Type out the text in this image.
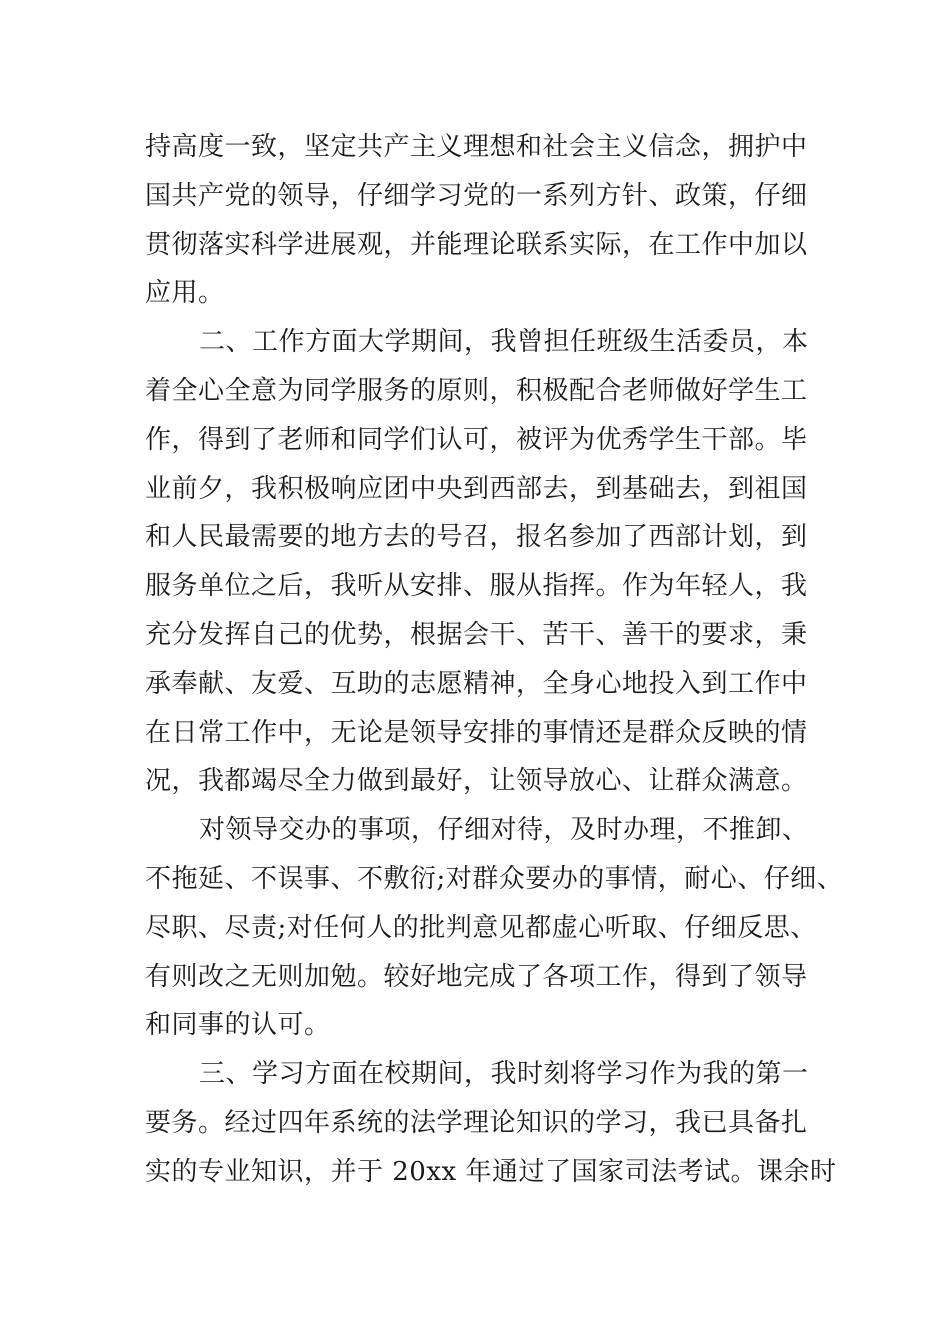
持高度一致，坚定共产主义理想和社会主义信念，拥护中
国共产党的领导，仔细学习党的一系列方针、政策，仔细
贯彻落实科学进展观，并能理论联系实际，在工作中加以
应用。
二、工作方面大学期间，我曾担任班级生活委员，本
着全心全意为同学服务的原则，积极配合老师做好学生工
作，得到了老师和同学们认可，被评为优秀学生干部。毕
业前夕，我积极响应团中央到西部去，到基础去，到祖国
和人民最需要的地方去的号召，报名参加了西部计划，到
服务单位之后，我听从安排、服从指挥。作为年轻人，我
充分发挥自己的优势，根据会干、苦干、善干的要求，秉
承奉献、友爱、互助的志愿精神，全身心地投入到工作中
在日常工作中，无论是领导安排的事情还是群众反映的情
况，我都竭尽全力做到最好，让领导放心、让群众满意。
对领导交办的事项，仔细对待，及时办理，不推卸、
不拖延、不误事、不敷衍;对群众要办的事情，耐心、仔细、
尽职、尽责;对任何人的批判意见都虚心听取、仔细反思、
有则改之无则加勉。较好地完成了各项工作，得到了领导
和同事的认可。
三、学习方面在校期间，我时刻将学习作为我的第一
要务。经过四年系统的法学理论知识的学习，我已具备扎
实的专业知识，并于 20xx 年通过了国家司法考试。课余时
